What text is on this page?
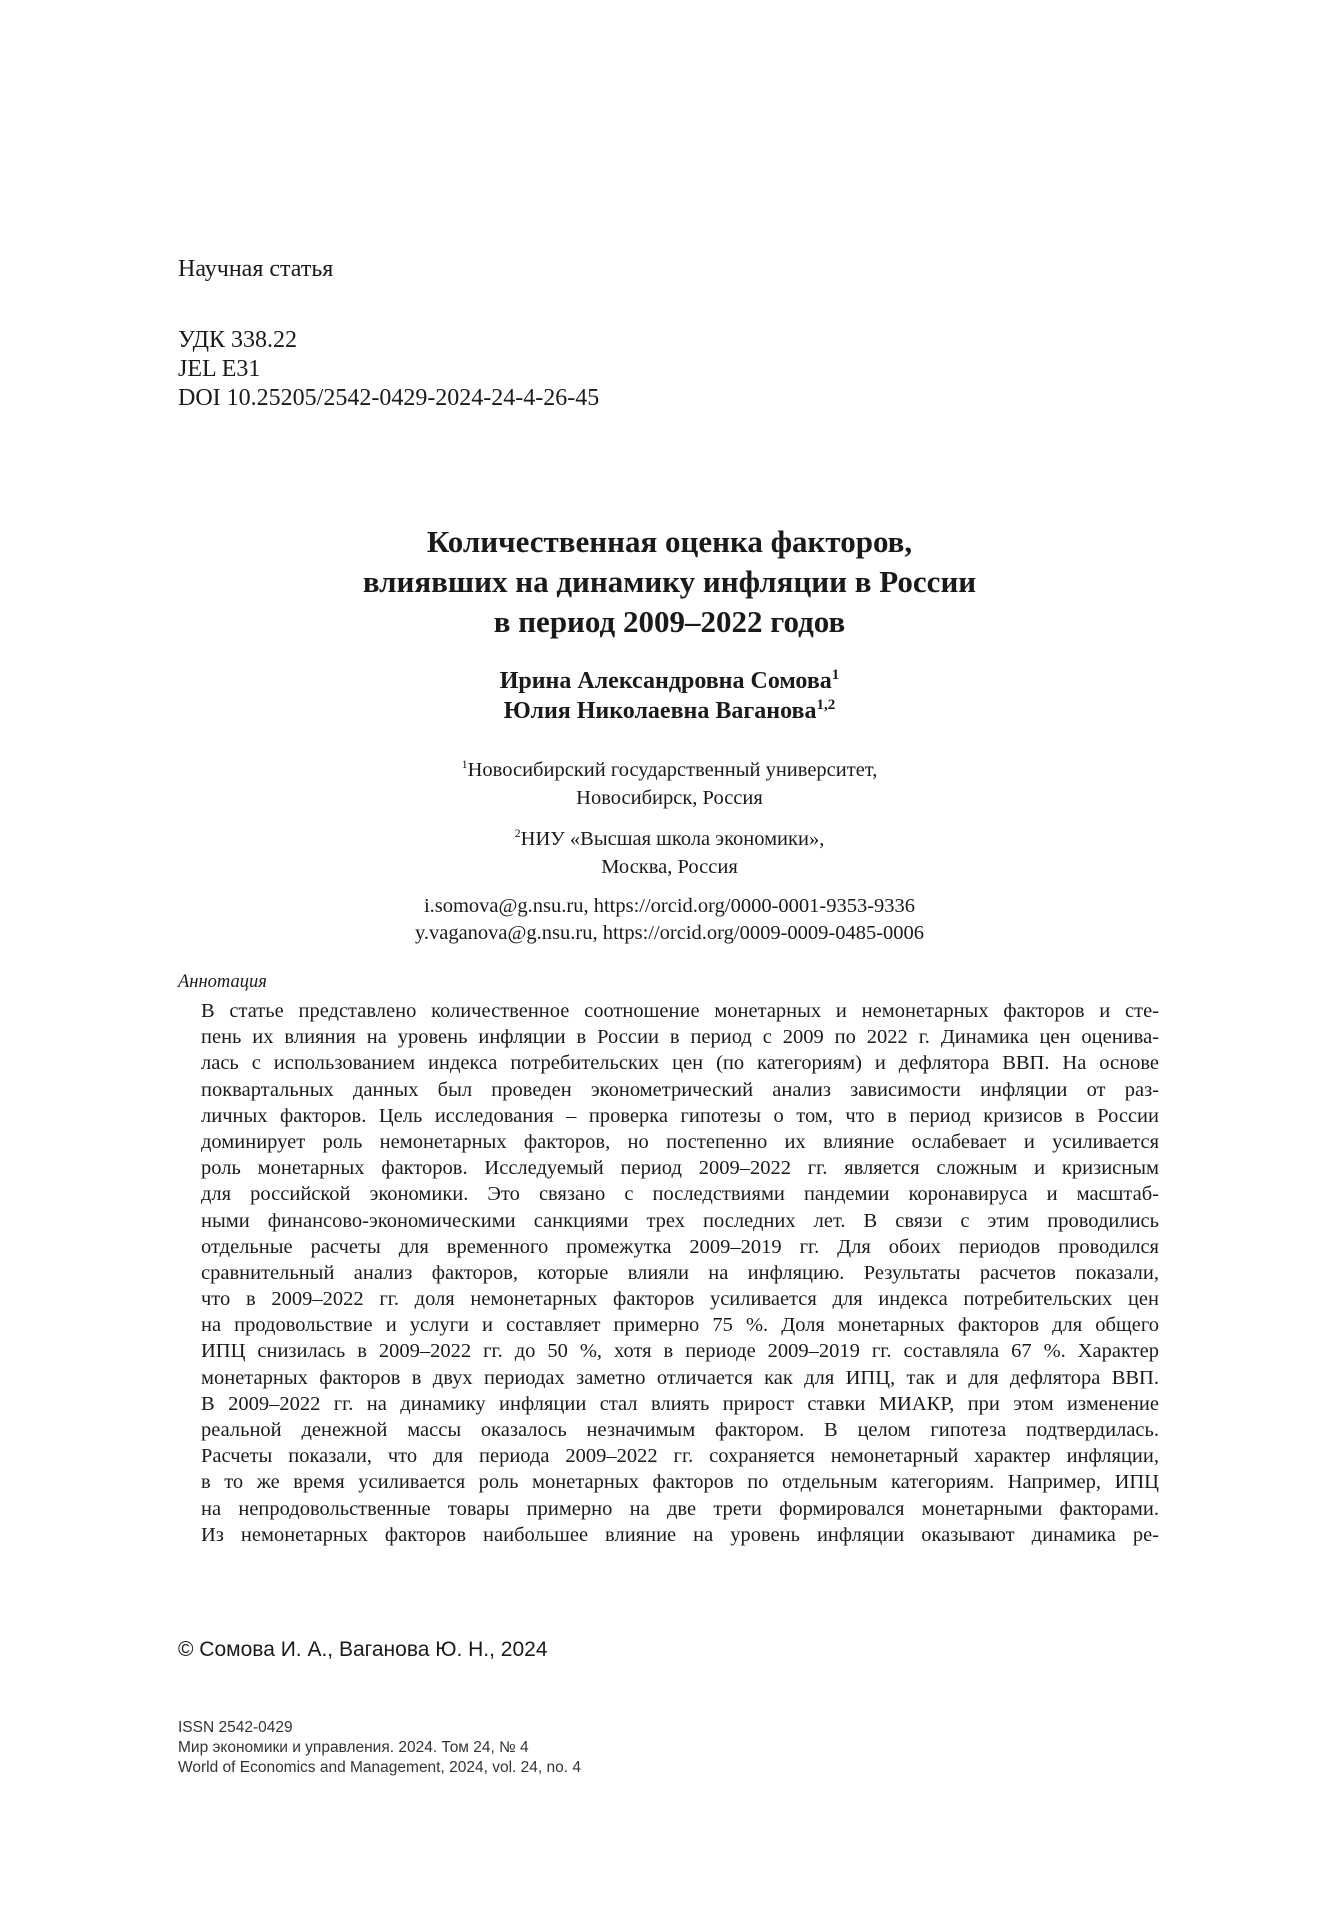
Научная статья
УДК 338.22
JEL E31
DOI 10.25205/2542-0429-2024-24-4-26-45
Количественная оценка факторов,
влиявших на динамику инфляции в России
в период 2009–2022 годов
Ирина Александровна Сомова$^1$
Юлия Николаевна Ваганова$^{1,2}$
$^1$Новосибирский государственный университет,
Новосибирск, Россия
$^2$НИУ «Высшая школа экономики»,
Москва, Россия
i.somova@g.nsu.ru, https://orcid.org/0000-0001-9353-9336
y.vaganova@g.nsu.ru, https://orcid.org/0009-0009-0485-0006
Аннотация
В статье представлено количественное соотношение монетарных и немонетарных факторов и сте-
пень их влияния на уровень инфляции в России в период с 2009 по 2022 г. Динамика цен оценива-
лась с использованием индекса потребительских цен (по категориям) и дефлятора ВВП. На основе
поквартальных данных был проведен эконометрический анализ зависимости инфляции от раз-
личных факторов. Цель исследования – проверка гипотезы о том, что в период кризисов в России
доминирует роль немонетарных факторов, но постепенно их влияние ослабевает и усиливается
роль монетарных факторов. Исследуемый период 2009–2022 гг. является сложным и кризисным
для российской экономики. Это связано с последствиями пандемии коронавируса и масштаб-
ными финансово-экономическими санкциями трех последних лет. В связи с этим проводились
отдельные расчеты для временного промежутка 2009–2019 гг. Для обоих периодов проводился
сравнительный анализ факторов, которые влияли на инфляцию. Результаты расчетов показали,
что в 2009–2022 гг. доля немонетарных факторов усиливается для индекса потребительских цен
на продовольствие и услуги и составляет примерно 75 %. Доля монетарных факторов для общего
ИПЦ снизилась в 2009–2022 гг. до 50 %, хотя в периоде 2009–2019 гг. составляла 67 %. Характер
монетарных факторов в двух периодах заметно отличается как для ИПЦ, так и для дефлятора ВВП.
В 2009–2022 гг. на динамику инфляции стал влиять прирост ставки МИАКР, при этом изменение
реальной денежной массы оказалось незначимым фактором. В целом гипотеза подтвердилась.
Расчеты показали, что для периода 2009–2022 гг. сохраняется немонетарный характер инфляции,
в то же время усиливается роль монетарных факторов по отдельным категориям. Например, ИПЦ
на непродовольственные товары примерно на две трети формировался монетарными факторами.
Из немонетарных факторов наибольшее влияние на уровень инфляции оказывают динамика ре-
© Сомова И. А., Ваганова Ю. Н., 2024
ISSN 2542-0429
Мир экономики и управления. 2024. Том 24, № 4
World of Economics and Management, 2024, vol. 24, no. 4
